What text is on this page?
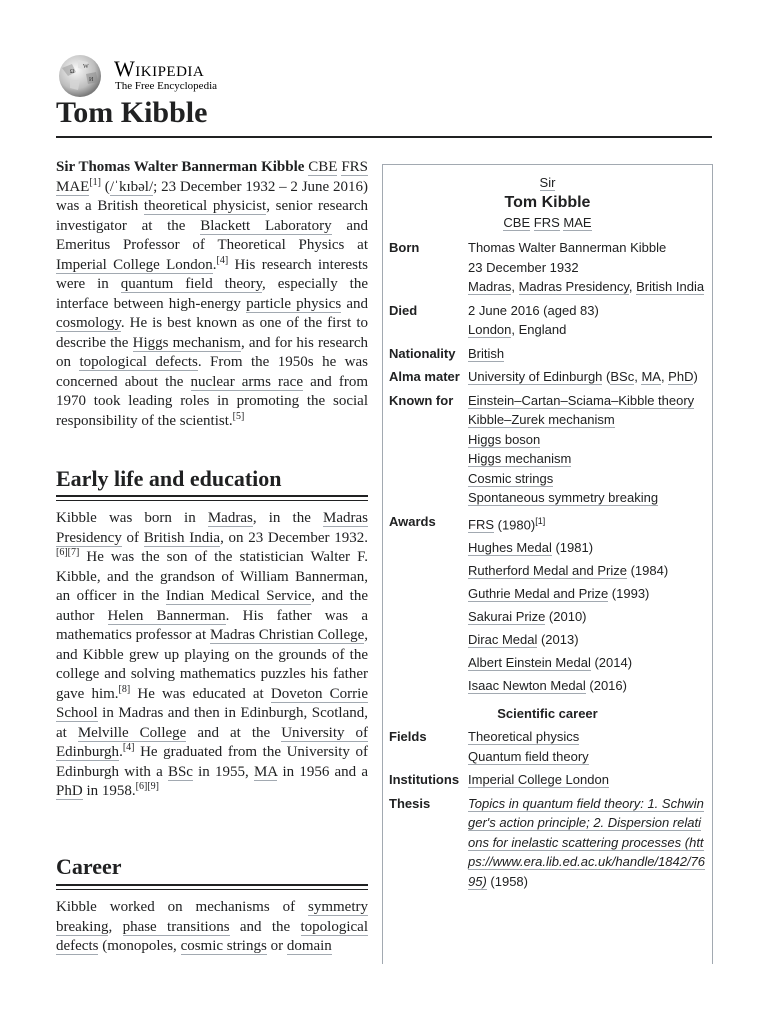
Ω
W
И Wikipedia
The Free Encyclopedia
Tom Kibble
Sir Thomas Walter Bannerman Kibble CBE FRS MAE[1] (/ˈkɪbəl/; 23 December 1932 – 2 June 2016) was a British theoretical physicist, senior research investigator at the Blackett Laboratory and Emeritus Professor of Theoretical Physics at Imperial College London.[4] His research interests were in quantum field theory, especially the interface between high-energy particle physics and cosmology. He is best known as one of the first to describe the Higgs mechanism, and for his research on topological defects. From the 1950s he was concerned about the nuclear arms race and from 1970 took leading roles in promoting the social responsibility of the scientist.[5]
Early life and education
Kibble was born in Madras, in the Madras Presidency of British India, on 23 December 1932.[6][7] He was the son of the statistician Walter F. Kibble, and the grandson of William Bannerman, an officer in the Indian Medical Service, and the author Helen Bannerman. His father was a mathematics professor at Madras Christian College, and Kibble grew up playing on the grounds of the college and solving mathematics puzzles his father gave him.[8] He was educated at Doveton Corrie School in Madras and then in Edinburgh, Scotland, at Melville College and at the University of Edinburgh.[4] He graduated from the University of Edinburgh with a BSc in 1955, MA in 1956 and a PhD in 1958.[6][9]
Career
Kibble worked on mechanisms of symmetry breaking, phase transitions and the topological defects (monopoles, cosmic strings or domain
Sir
Tom Kibble
CBE FRS MAE
Born	Thomas Walter Bannerman Kibble
23 December 1932
Madras, Madras Presidency, British India
Died	2 June 2016 (aged 83)
London, England
Nationality British
Alma mater University of Edinburgh (BSc, MA, PhD)
Known for	Einstein–Cartan–Sciama–Kibble theory
Kibble–Zurek mechanism
Higgs boson
Higgs mechanism
Cosmic strings
Spontaneous symmetry breaking
Awards	FRS (1980)[1]
Hughes Medal (1981)
Rutherford Medal and Prize (1984)
Guthrie Medal and Prize (1993)
Sakurai Prize (2010)
Dirac Medal (2013)
Albert Einstein Medal (2014)
Isaac Newton Medal (2016)
Scientific career
Fields	Theoretical physics
Quantum field theory
Institutions Imperial College London
Thesis	Topics in quantum field theory: 1. Schwinger's action principle; 2. Dispersion relations for inelastic scattering processes (https://www.era.lib.ed.ac.uk/handle/1842/7695) (1958)
